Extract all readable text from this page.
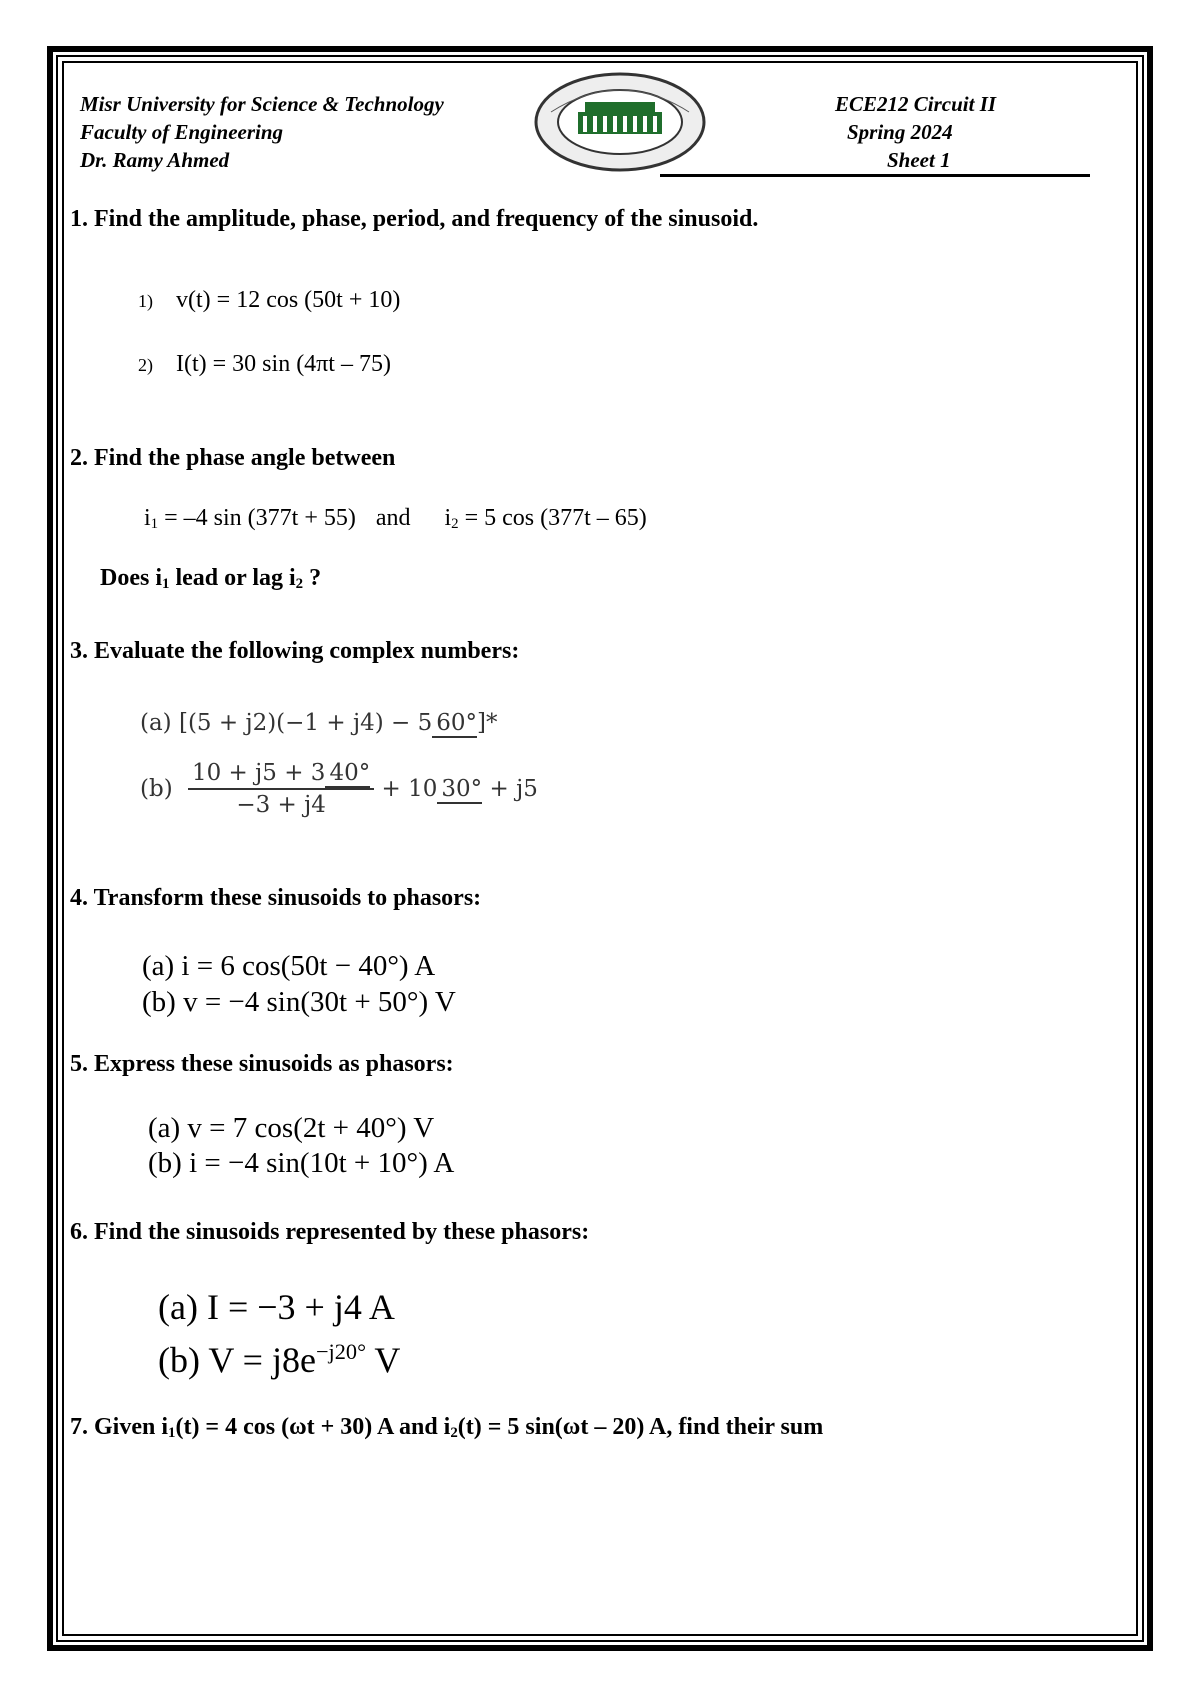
Misr University for Science & Technology
Faculty of Engineering
Dr. Ramy Ahmed
ECE212 Circuit II
Spring 2024
Sheet 1
1. Find the amplitude, phase, period, and frequency of the sinusoid.
1) v(t) = 12 cos (50t + 10)
2) I(t) = 30 sin (4πt – 75)
2. Find the phase angle between
$i_1 = -4$ sin (377t + 55) and $i_2 = 5$ cos (377t – 65)
Does $i_1$ lead or lag $i_2$ ?
3. Evaluate the following complex numbers:
(a) [(5 + j2)(−1 + j4) − 5 60°]*
$(b) \frac{10 + j5 + 3 40^\circ}{-3 + j4} + 10$ 30° + j5
4. Transform these sinusoids to phasors:
(a) i = 6 cos(50t − 40°) A
(b) v = −4 sin(30t + 50°) V
5. Express these sinusoids as phasors:
(a) v = 7 cos(2t + 40°) V
(b) i = −4 sin(10t + 10°) A
6. Find the sinusoids represented by these phasors:
(a) I = −3 + j4 A
(b) $V = j8e^{-j20^\circ}$ V
7. Given $i_1(t) = 4$ cos (ωt + 30) A and $i_2(t) = 5$ sin(ωt – 20) A, find their sum
